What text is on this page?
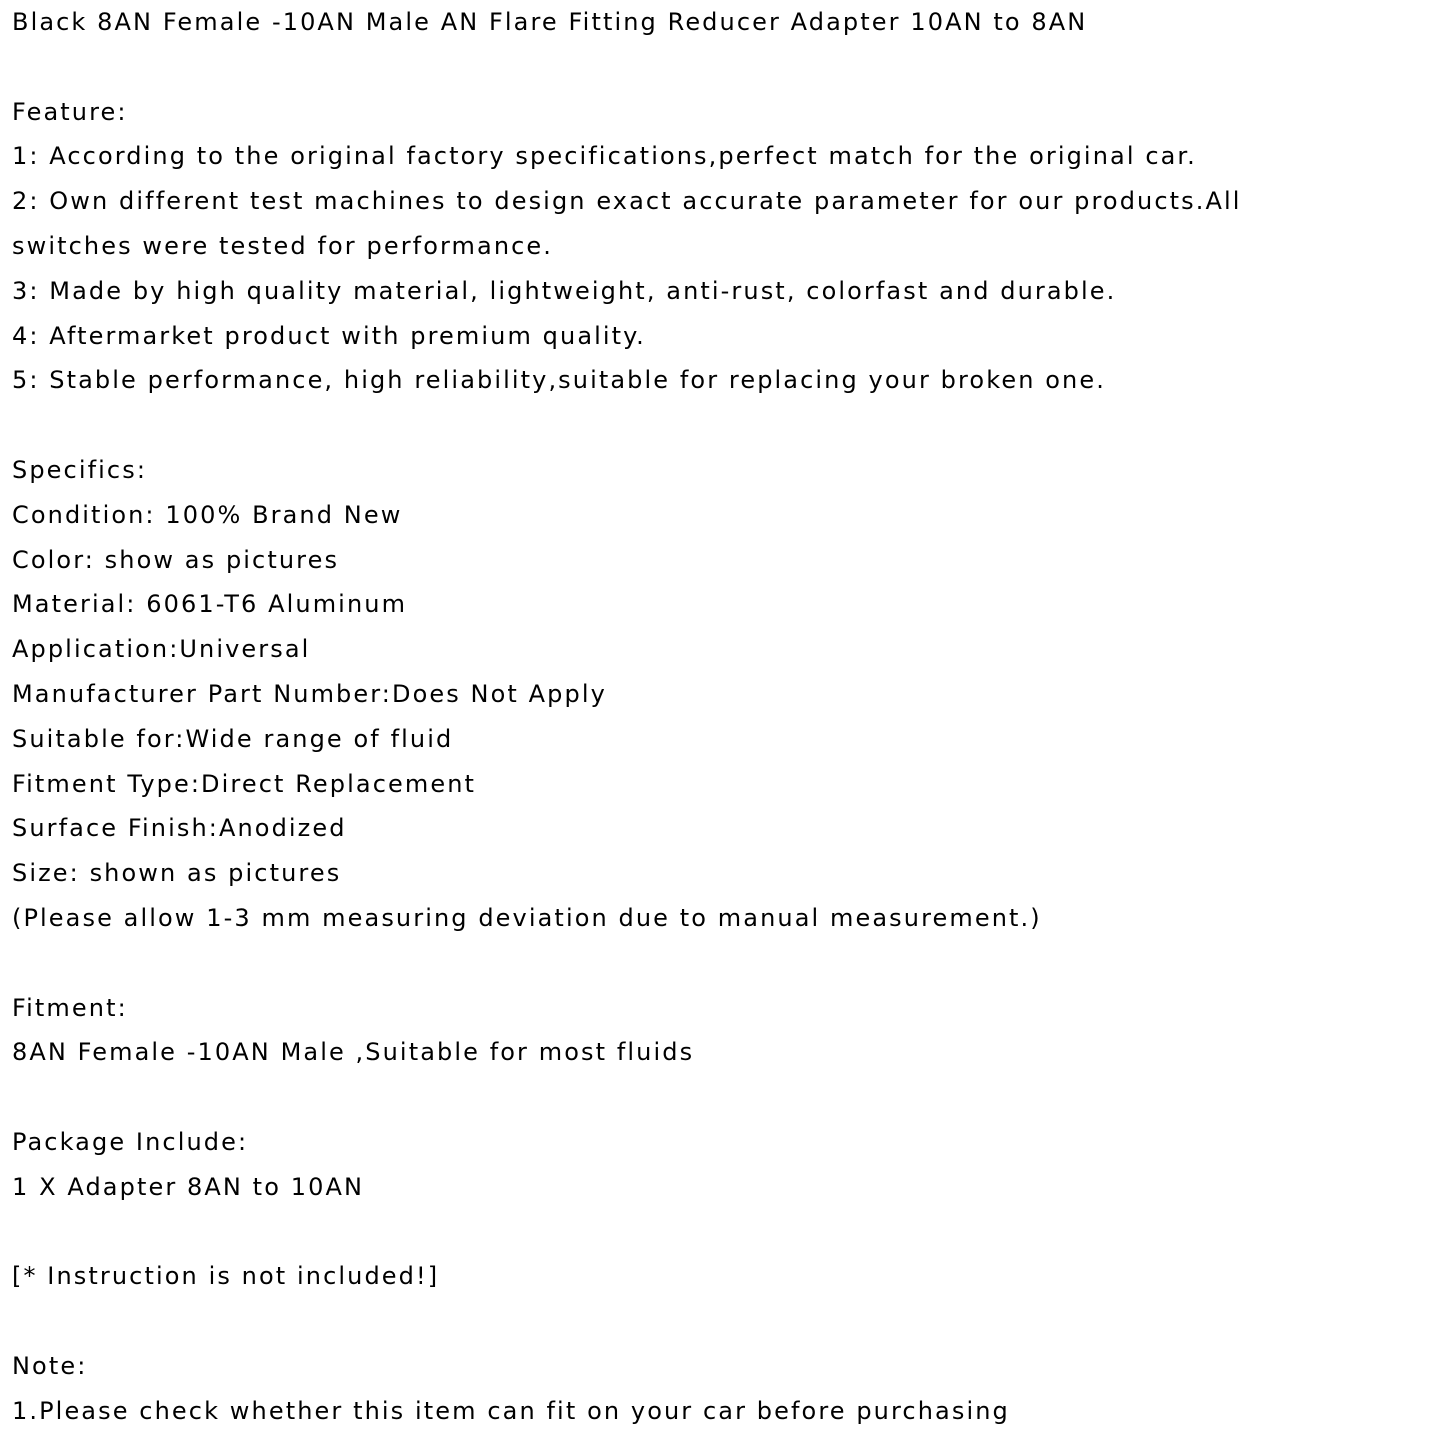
Black 8AN Female -10AN Male AN Flare Fitting Reducer Adapter 10AN to 8AN
Feature:
1: According to the original factory specifications,perfect match for the original car.
2: Own different test machines to design exact accurate parameter for our products.All
switches were tested for performance.
3: Made by high quality material, lightweight, anti-rust, colorfast and durable.
4: Aftermarket product with premium quality.
5: Stable performance, high reliability,suitable for replacing your broken one.
Specifics:
Condition: 100% Brand New
Color: show as pictures
Material: 6061-T6 Aluminum
Application:Universal
Manufacturer Part Number:Does Not Apply
Suitable for:Wide range of fluid
Fitment Type:Direct Replacement
Surface Finish:Anodized
Size: shown as pictures
(Please allow 1-3 mm measuring deviation due to manual measurement.)
Fitment:
8AN Female -10AN Male ,Suitable for most fluids
Package Include:
1 X Adapter 8AN to 10AN
[* Instruction is not included!]
Note:
1.Please check whether this item can fit on your car before purchasing
